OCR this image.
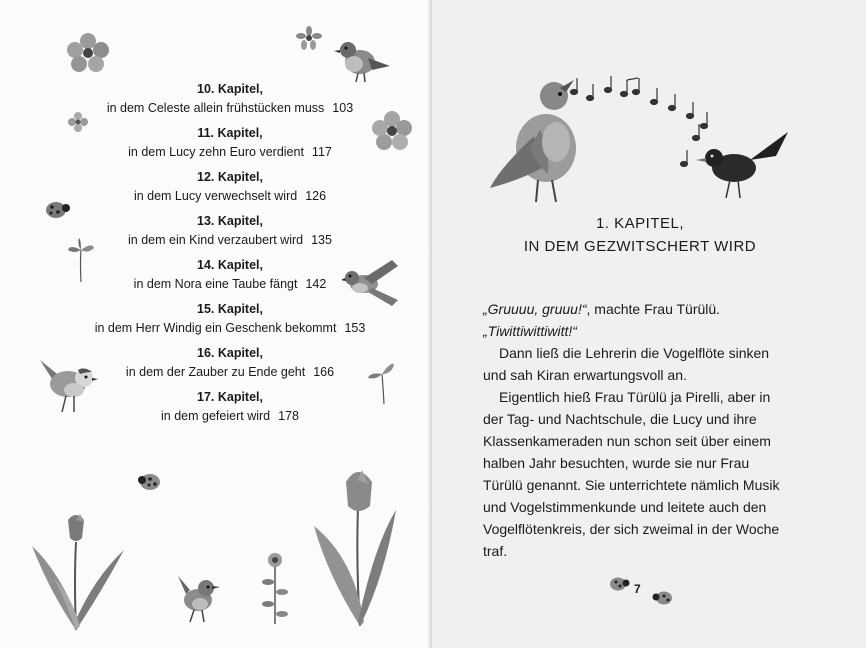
10. Kapitel,
in dem Celeste allein frühstücken muss 103
11. Kapitel,
in dem Lucy zehn Euro verdient 117
12. Kapitel,
in dem Lucy verwechselt wird 126
13. Kapitel,
in dem ein Kind verzaubert wird 135
14. Kapitel,
in dem Nora eine Taube fängt 142
15. Kapitel,
in dem Herr Windig ein Geschenk bekommt 153
16. Kapitel,
in dem der Zauber zu Ende geht 166
17. Kapitel,
in dem gefeiert wird 178
1. KAPITEL,
IN DEM GEZWITSCHERT WIRD

„Gruuuu, gruuu!“, machte Frau Türülü.

„Tiwittiwittiwitt!“

Dann ließ die Lehrerin die Vogelflöte sinken und sah Kiran erwartungsvoll an.

Eigentlich hieß Frau Türülü ja Pirelli, aber in der Tag- und Nachtschule, die Lucy und ihre Klassenkameraden nun schon seit über einem halben Jahr besuchten, wurde sie nur Frau Türülü genannt. Sie unterrichtete nämlich Musik und Vogelstimmenkunde und leitete auch den Vogelflötenkreis, der sich zweimal in der Woche traf.

7
